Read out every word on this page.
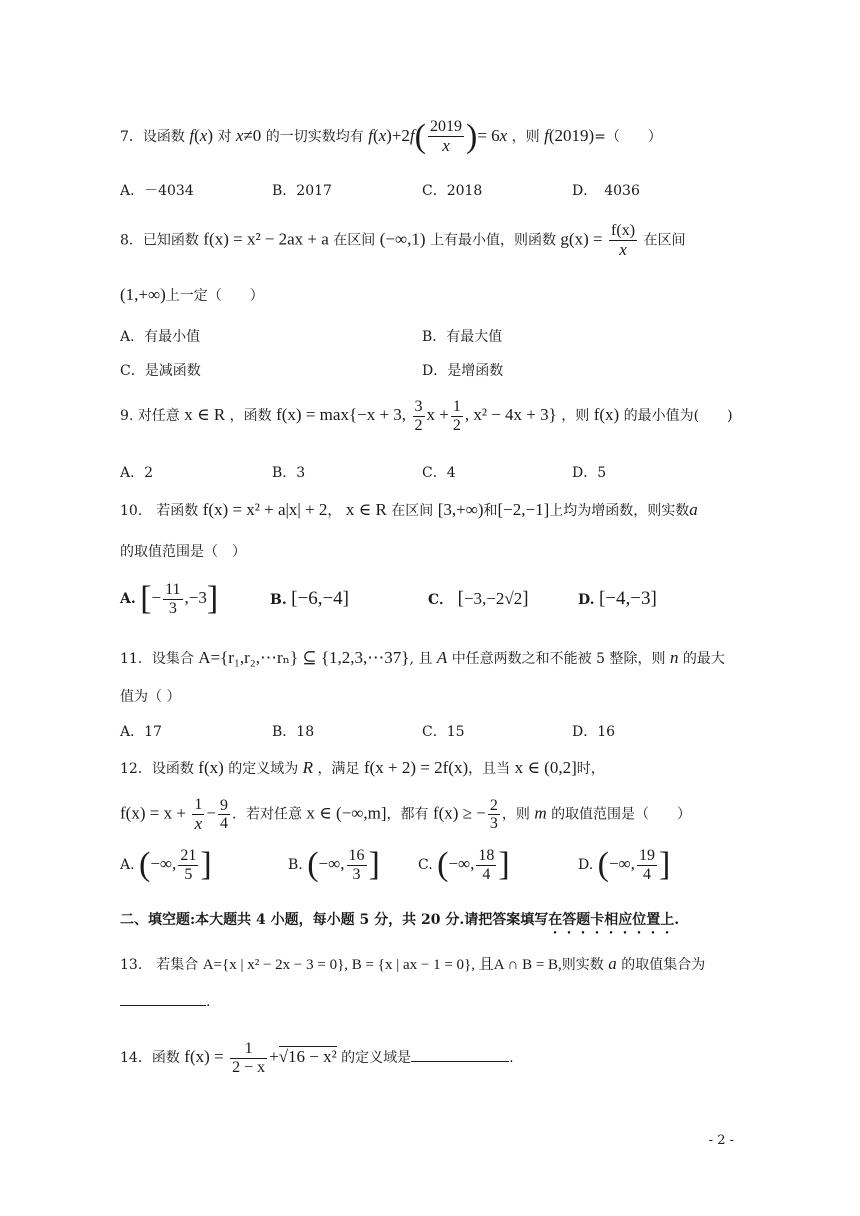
7．设函数 f(x) 对 x≠0 的一切实数均有 $f(x)+2f( \frac{2019}{x}$ )= 6x ，则 f(2019)=（　　）
A．－4034	B．2017	C．2018	D．　4036
8．已知函数 f(x) = x² − 2ax + a 在区间 (−∞,1) 上有最小值，则函数 $g(x) = \frac{f(x)}{x}$ 在区间
(1,+∞)上一定（　　）
A．有最小值	B．有最大值
C．是减函数	D．是增函数
9. 对任意 x ∈ R ，函数 f(x) = max{−x + 3, $\frac{3}{2}$ $x + \frac{1}{2}$ , x² − 4x + 3} ，则 f(x) 的最小值为(　　)
A．2	B．3	C．4	D．5
10.　若函数 f(x) = x² + a|x| + 2， x ∈ R 在区间 [3,+∞)和[−2,−1]上均为增函数，则实数a
的取值范围是（　）
A. [− $\frac{11}{3} ,-3$]	B. [−6,−4]	C． [−3,−2√2]	D. [−4,−3]
11．设集合 A={r₁,r₂,⋯rₙ} ⊆ {1,2,3,⋯37}, 且 A 中任意两数之和不能被 5 整除，则 n 的最大
值为（ ）
A．17	B．18	C．15	D．16
12．设函数 f(x) 的定义域为 R ，满足 f(x + 2) = 2f(x)，且当 x ∈ (0,2]时，
$f(x) = x + \frac{1}{x} - \frac{9}{4}$ ．若对任意 x ∈ (−∞,m]，都有 f(x) ≥ − $\frac{2}{3}$ ，则 m 的取值范围是（　　）
A. (−∞, $\frac{21}{5}$ ]	B. (−∞, $\frac{16}{3}$ ]	C. (−∞, $\frac{18}{4}$ ]	D. (−∞, $\frac{19}{4}$ ]
二、填空题:本大题共 4 小题，每小题 5 分，共 20 分.请把答案填写在答题卡相应位置上.
13.　若集合 A={x | x² − 2x − 3 = 0}, B = {x | ax − 1 = 0}, 且A ∩ B = B,则实数 a 的取值集合为
.
14．函数 $f(x) = \frac{1}{2 - x} +√16 - x^2$ 的定义域是	.
- 2 -
